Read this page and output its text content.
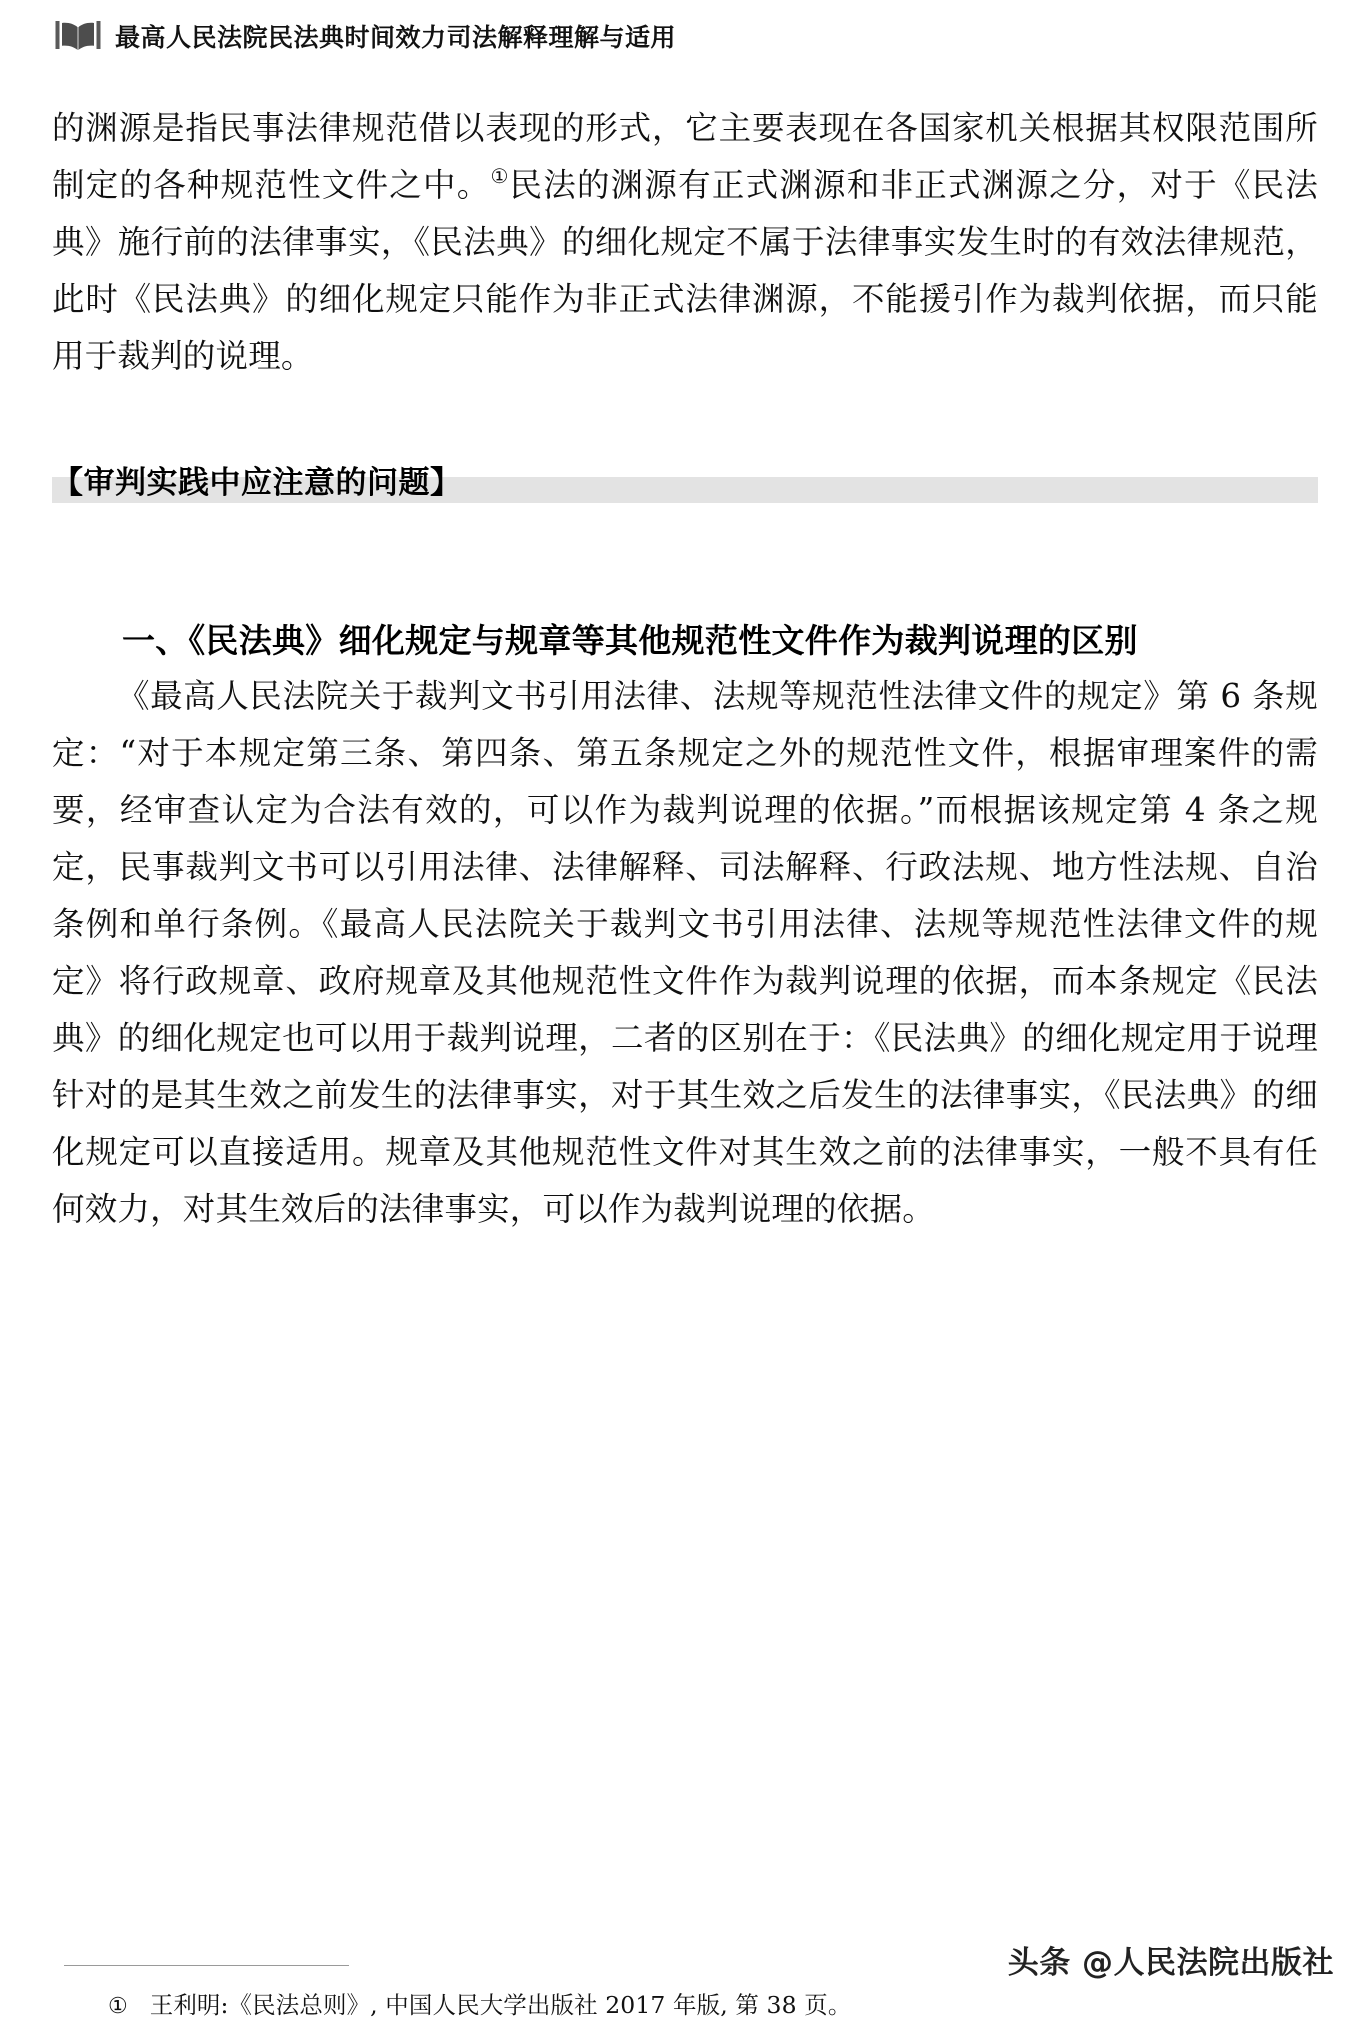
最高人民法院民法典时间效力司法解释理解与适用

的渊源是指民事法律规范借以表现的形式，它主要表现在各国家机关根据其权限范围所制定的各种规范性文件之中。①民法的渊源有正式渊源和非正式渊源之分，对于《民法典》施行前的法律事实，《民法典》的细化规定不属于法律事实发生时的有效法律规范，此时《民法典》的细化规定只能作为非正式法律渊源，不能援引作为裁判依据，而只能用于裁判的说理。

【审判实践中应注意的问题】
一、《民法典》细化规定与规章等其他规范性文件作为裁判说理的区别

《最高人民法院关于裁判文书引用法律、法规等规范性法律文件的规定》第 6 条规定：“对于本规定第三条、第四条、第五条规定之外的规范性文件，根据审理案件的需要，经审查认定为合法有效的，可以作为裁判说理的依据。”而根据该规定第 4 条之规定，民事裁判文书可以引用法律、法律解释、司法解释、行政法规、地方性法规、自治条例和单行条例。《最高人民法院关于裁判文书引用法律、法规等规范性法律文件的规定》将行政规章、政府规章及其他规范性文件作为裁判说理的依据，而本条规定《民法典》的细化规定也可以用于裁判说理，二者的区别在于：《民法典》的细化规定用于说理针对的是其生效之前发生的法律事实，对于其生效之后发生的法律事实，《民法典》的细化规定可以直接适用。规章及其他规范性文件对其生效之前的法律事实，一般不具有任何效力，对其生效后的法律事实，可以作为裁判说理的依据。

① 王利明:《民法总则》, 中国人民大学出版社 2017 年版, 第 38 页。
头条 @人民法院出版社
